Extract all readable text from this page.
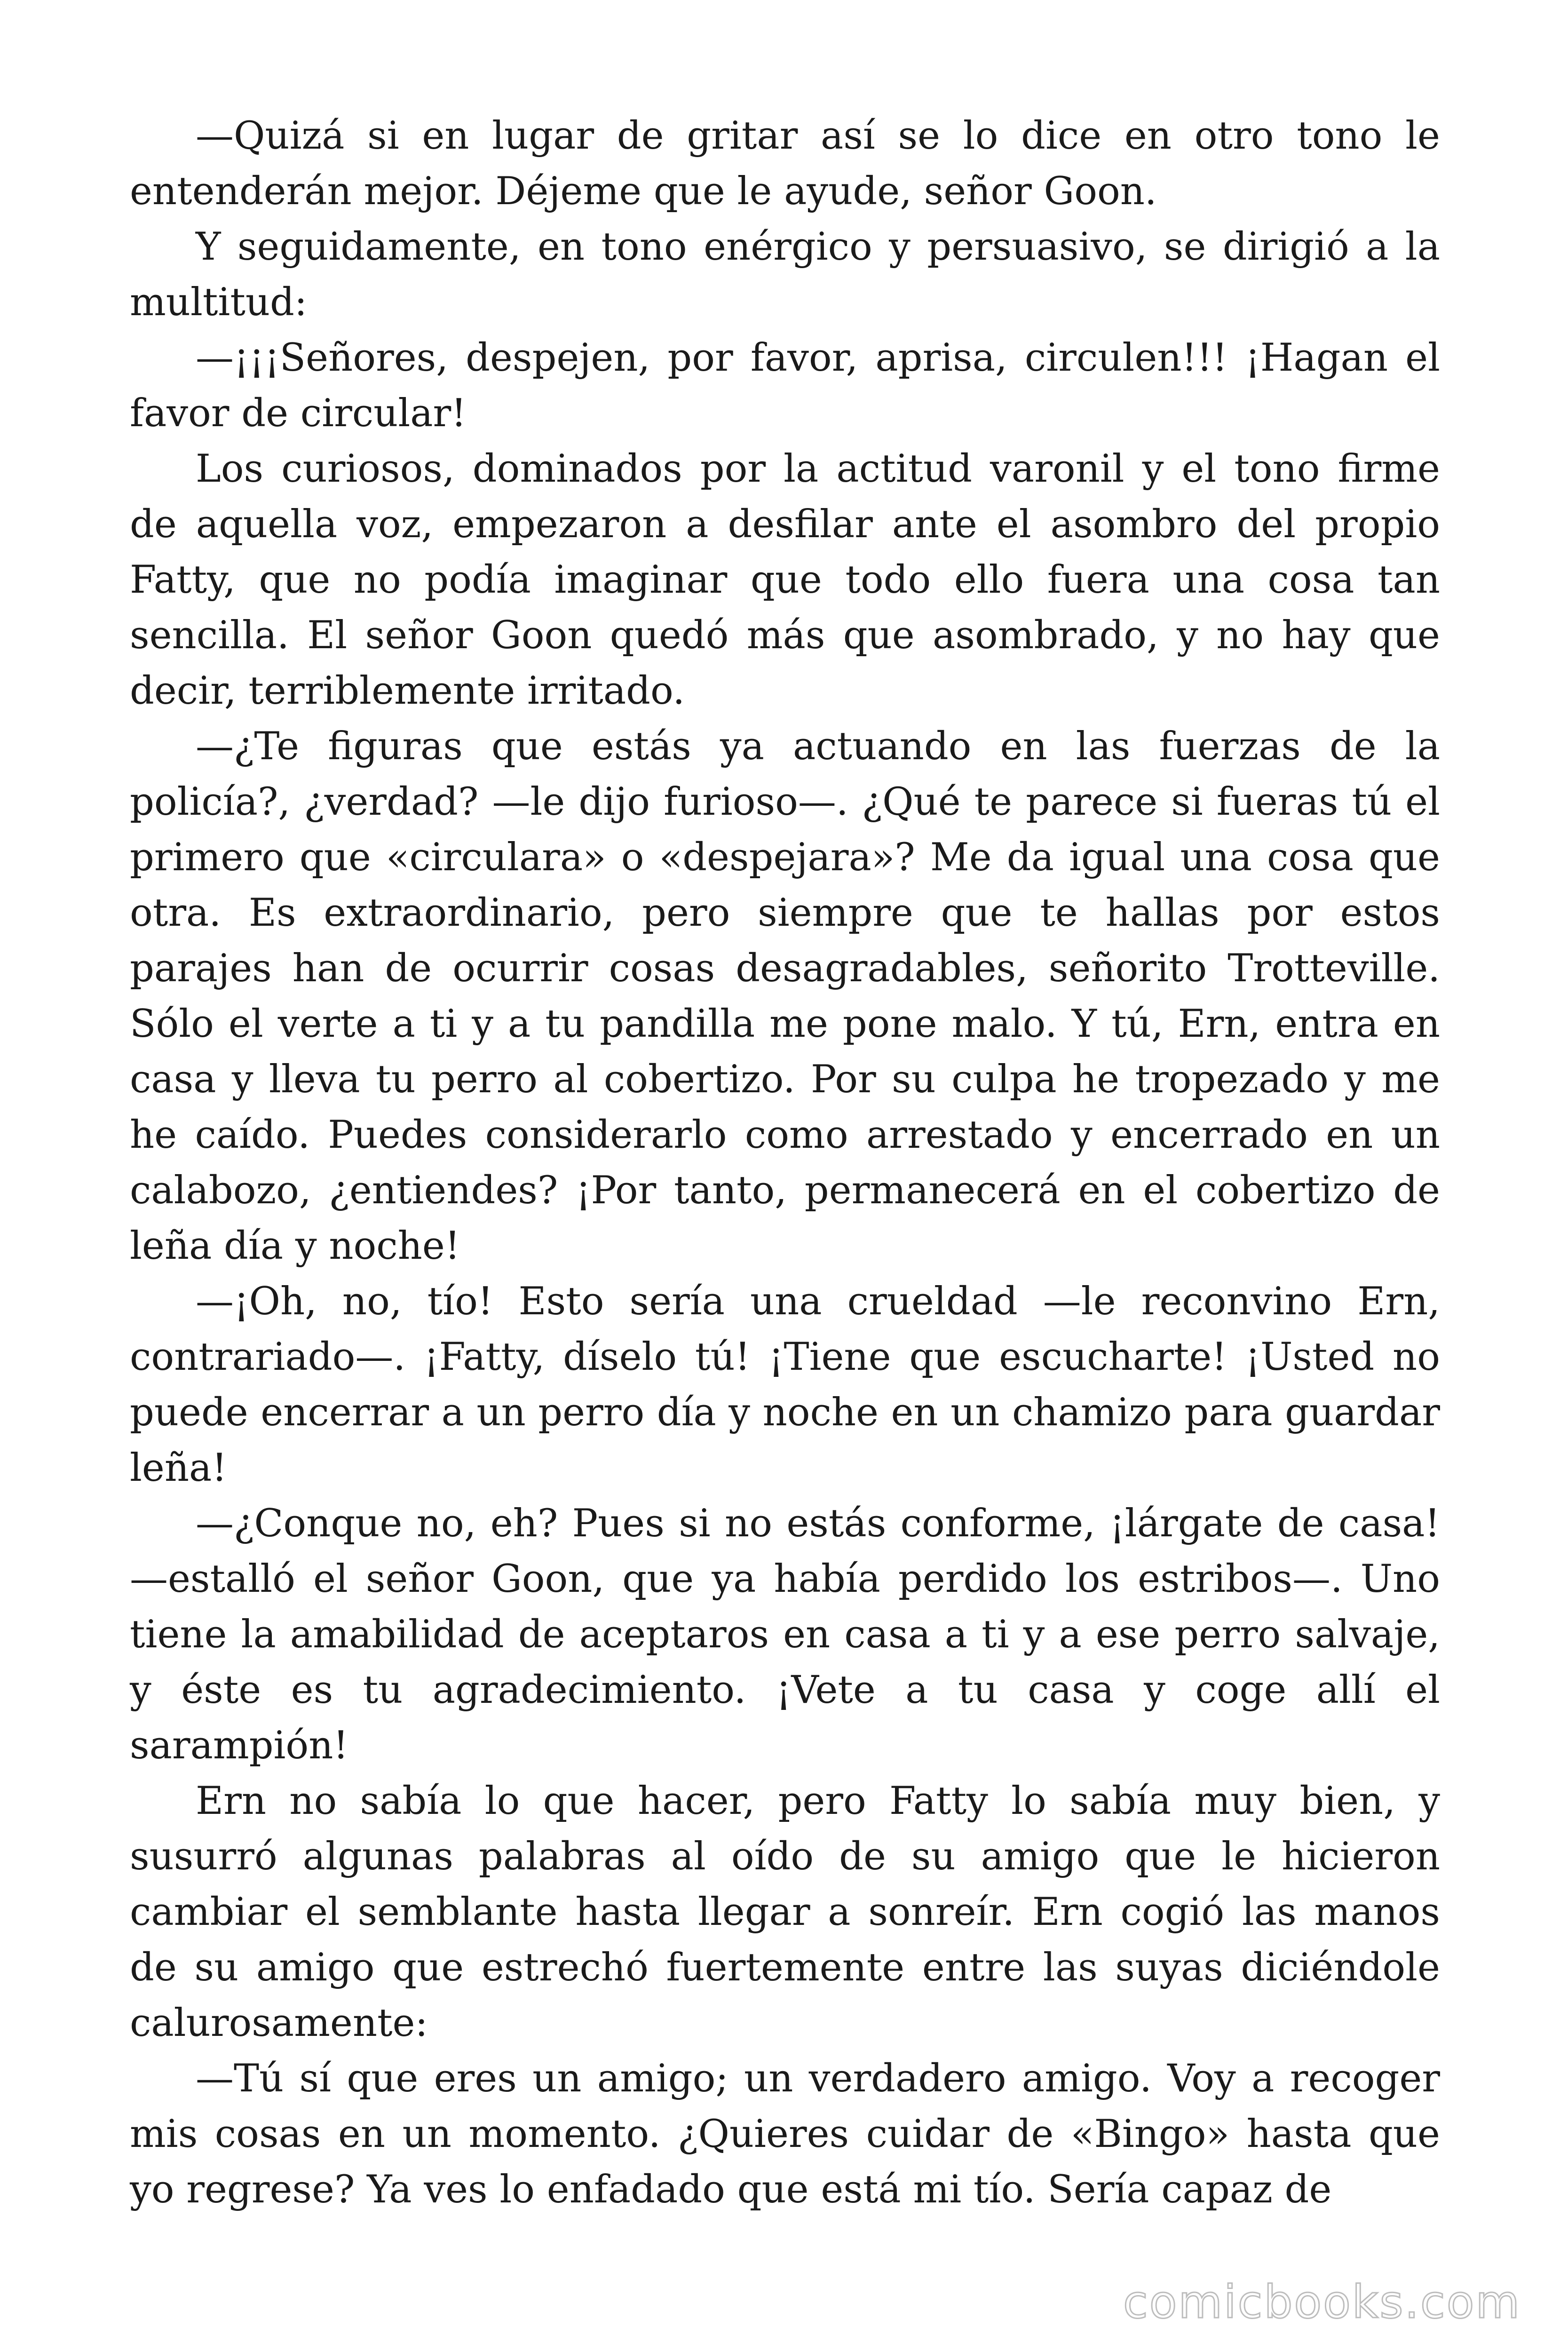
—Quizá si en lugar de gritar así se lo dice en otro tono le entenderán mejor. Déjeme que le ayude, señor Goon.

Y seguidamente, en tono enérgico y persuasivo, se dirigió a la multitud:

—¡¡¡Señores, despejen, por favor, aprisa, circulen!!! ¡Hagan el favor de circular!

Los curiosos, dominados por la actitud varonil y el tono firme de aquella voz, empezaron a desfilar ante el asombro del propio Fatty, que no podía imaginar que todo ello fuera una cosa tan sencilla. El señor Goon quedó más que asombrado, y no hay que decir, terriblemente irritado.

—¿Te figuras que estás ya actuando en las fuerzas de la policía?, ¿verdad? —le dijo furioso—. ¿Qué te parece si fueras tú el primero que «circulara» o «despejara»? Me da igual una cosa que otra. Es extraordinario, pero siempre que te hallas por estos parajes han de ocurrir cosas desagradables, señorito Trotteville. Sólo el verte a ti y a tu pandilla me pone malo. Y tú, Ern, entra en casa y lleva tu perro al cobertizo. Por su culpa he tropezado y me he caído. Puedes considerarlo como arrestado y encerrado en un calabozo, ¿entiendes? ¡Por tanto, permanecerá en el cobertizo de leña día y noche!

—¡Oh, no, tío! Esto sería una crueldad —le reconvino Ern, contrariado—. ¡Fatty, díselo tú! ¡Tiene que escucharte! ¡Usted no puede encerrar a un perro día y noche en un chamizo para guardar leña!

—¿Conque no, eh? Pues si no estás conforme, ¡lárgate de casa! —estalló el señor Goon, que ya había perdido los estribos—. Uno tiene la amabilidad de aceptaros en casa a ti y a ese perro salvaje, y éste es tu agradecimiento. ¡Vete a tu casa y coge allí el sarampión!

Ern no sabía lo que hacer, pero Fatty lo sabía muy bien, y susurró algunas palabras al oído de su amigo que le hicieron cambiar el semblante hasta llegar a sonreír. Ern cogió las manos de su amigo que estrechó fuertemente entre las suyas diciéndole calurosamente:

—Tú sí que eres un amigo; un verdadero amigo. Voy a recoger mis cosas en un momento. ¿Quieres cuidar de «Bingo» hasta que yo regrese? Ya ves lo enfadado que está mi tío. Sería capaz de

comicbooks.com
